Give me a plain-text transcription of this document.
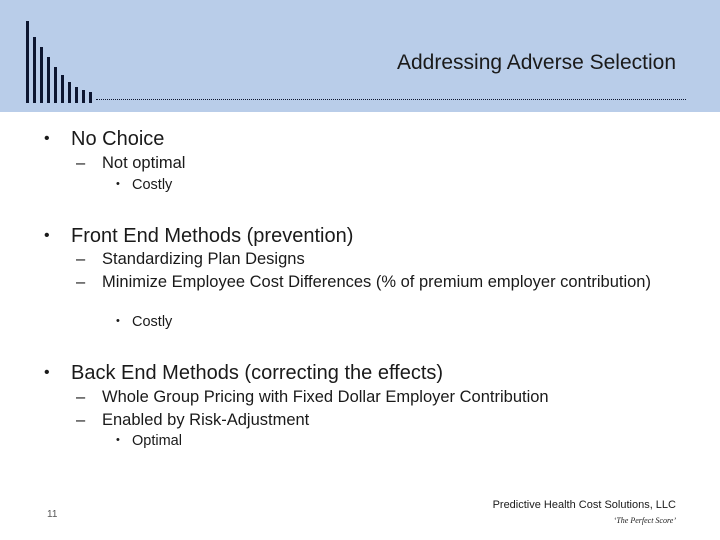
Addressing Adverse Selection
• No Choice
– Not optimal
• Costly
• Front End Methods (prevention)
– Standardizing Plan Designs
– Minimize Employee Cost Differences (% of premium employer contribution)
• Costly
• Back End Methods (correcting the effects)
– Whole Group Pricing with Fixed Dollar Employer Contribution
– Enabled by Risk-Adjustment
• Optimal
11
Predictive Health Cost Solutions, LLC
‘The Perfect Score’
